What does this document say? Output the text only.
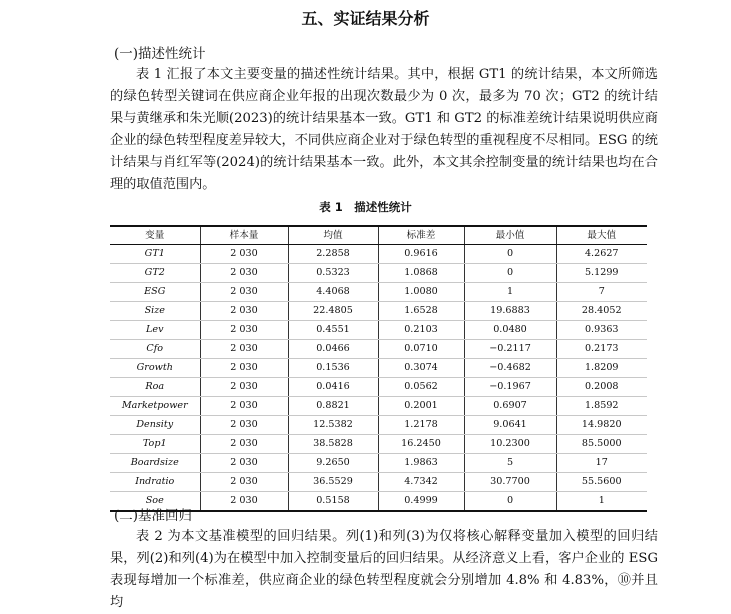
五、实证结果分析
(一)描述性统计

表 1 汇报了本文主要变量的描述性统计结果。其中，根据 GT1 的统计结果，本文所筛选的绿色转型关键词在供应商企业年报的出现次数最少为 0 次，最多为 70 次；GT2 的统计结果与黄继承和朱光顺(2023)的统计结果基本一致。GT1 和 GT2 的标准差统计结果说明供应商企业的绿色转型程度差异较大，不同供应商企业对于绿色转型的重视程度不尽相同。ESG 的统计结果与肖红军等(2024)的统计结果基本一致。此外，本文其余控制变量的统计结果也均在合理的取值范围内。

表 1　描述性统计
变量	样本量	均值	标准差	最小值	最大值
GT1	2 030	2.2858	0.9616	0	4.2627
GT2	2 030	0.5323	1.0868	0	5.1299
ESG	2 030	4.4068	1.0080	1	7
Size	2 030	22.4805	1.6528	19.6883	28.4052
Lev	2 030	0.4551	0.2103	0.0480	0.9363
Cfo	2 030	0.0466	0.0710	−0.2117	0.2173
Growth	2 030	0.1536	0.3074	−0.4682	1.8209
Roa	2 030	0.0416	0.0562	−0.1967	0.2008
Marketpower	2 030	0.8821	0.2001	0.6907	1.8592
Density	2 030	12.5382	1.2178	9.0641	14.9820
Top1	2 030	38.5828	16.2450	10.2300	85.5000
Boardsize	2 030	9.2650	1.9863	5	17
Indratio	2 030	36.5529	4.7342	30.7700	55.5600
Soe	2 030	0.5158	0.4999	0	1
(二)基准回归

表 2 为本文基准模型的回归结果。列(1)和列(3)为仅将核心解释变量加入模型的回归结果，列(2)和列(4)为在模型中加入控制变量后的回归结果。从经济意义上看，客户企业的 ESG 表现每增加一个标准差，供应商企业的绿色转型程度就会分别增加 4.8% 和 4.83%，⑩并且均
